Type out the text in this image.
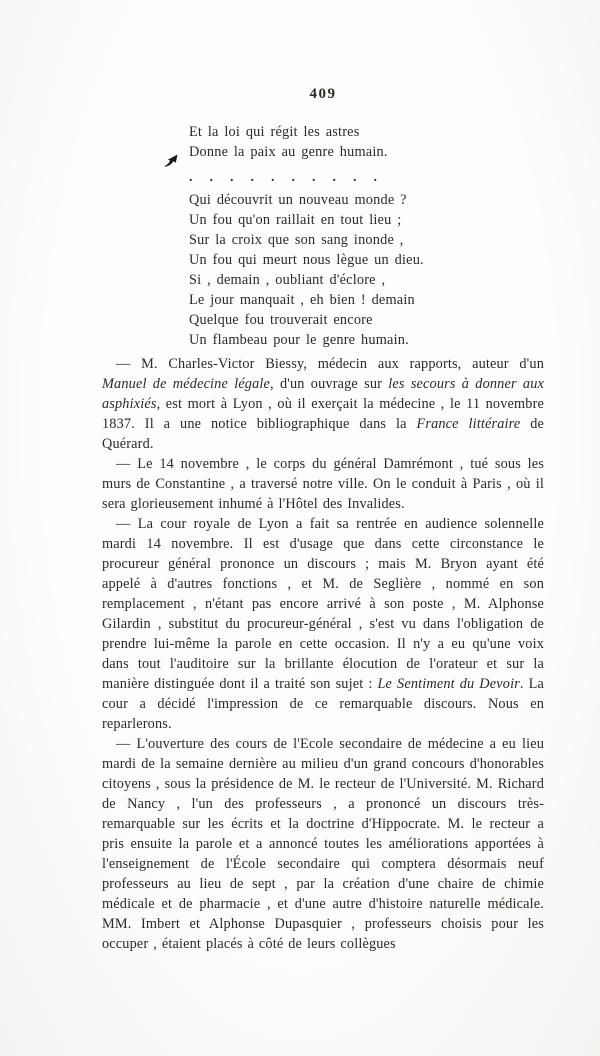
409
Et la loi qui régit les astres
Donne la paix au genre humain.
. . . . . . . . . .
Qui découvrit un nouveau monde ?
Un fou qu'on raillait en tout lieu ;
Sur la croix que son sang inonde ,
Un fou qui meurt nous lègue un dieu.
Si , demain , oubliant d'éclore ,
Le jour manquait , eh bien ! demain
Quelque fou trouverait encore
Un flambeau pour le genre humain.

— M. Charles-Victor Biessy, médecin aux rapports, auteur d'un Manuel de médecine légale, d'un ouvrage sur les secours à donner aux asphixiés, est mort à Lyon , où il exerçait la médecine , le 11 novembre 1837. Il a une notice bibliographique dans la France littéraire de Quérard.

— Le 14 novembre , le corps du général Damrémont , tué sous les murs de Constantine , a traversé notre ville. On le conduit à Paris , où il sera glorieusement inhumé à l'Hôtel des Invalides.

— La cour royale de Lyon a fait sa rentrée en audience solennelle mardi 14 novembre. Il est d'usage que dans cette circonstance le procureur général prononce un discours ; mais M. Bryon ayant été appelé à d'autres fonctions , et M. de Seglière , nommé en son remplacement , n'étant pas encore arrivé à son poste , M. Alphonse Gilardin , substitut du procureur-général , s'est vu dans l'obligation de prendre lui-même la parole en cette occasion. Il n'y a eu qu'une voix dans tout l'auditoire sur la brillante élocution de l'orateur et sur la manière distinguée dont il a traité son sujet : Le Sentiment du Devoir. La cour a décidé l'impression de ce remarquable discours. Nous en reparlerons.

— L'ouverture des cours de l'Ecole secondaire de médecine a eu lieu mardi de la semaine dernière au milieu d'un grand concours d'honorables citoyens , sous la présidence de M. le recteur de l'Université. M. Richard de Nancy , l'un des professeurs , a prononcé un discours très-remarquable sur les écrits et la doctrine d'Hippocrate. M. le recteur a pris ensuite la parole et a annoncé toutes les améliorations apportées à l'enseignement de l'École secondaire qui comptera désormais neuf professeurs au lieu de sept , par la création d'une chaire de chimie médicale et de pharmacie , et d'une autre d'histoire naturelle médicale. MM. Imbert et Alphonse Dupasquier , professeurs choisis pour les occuper , étaient placés à côté de leurs collègues
